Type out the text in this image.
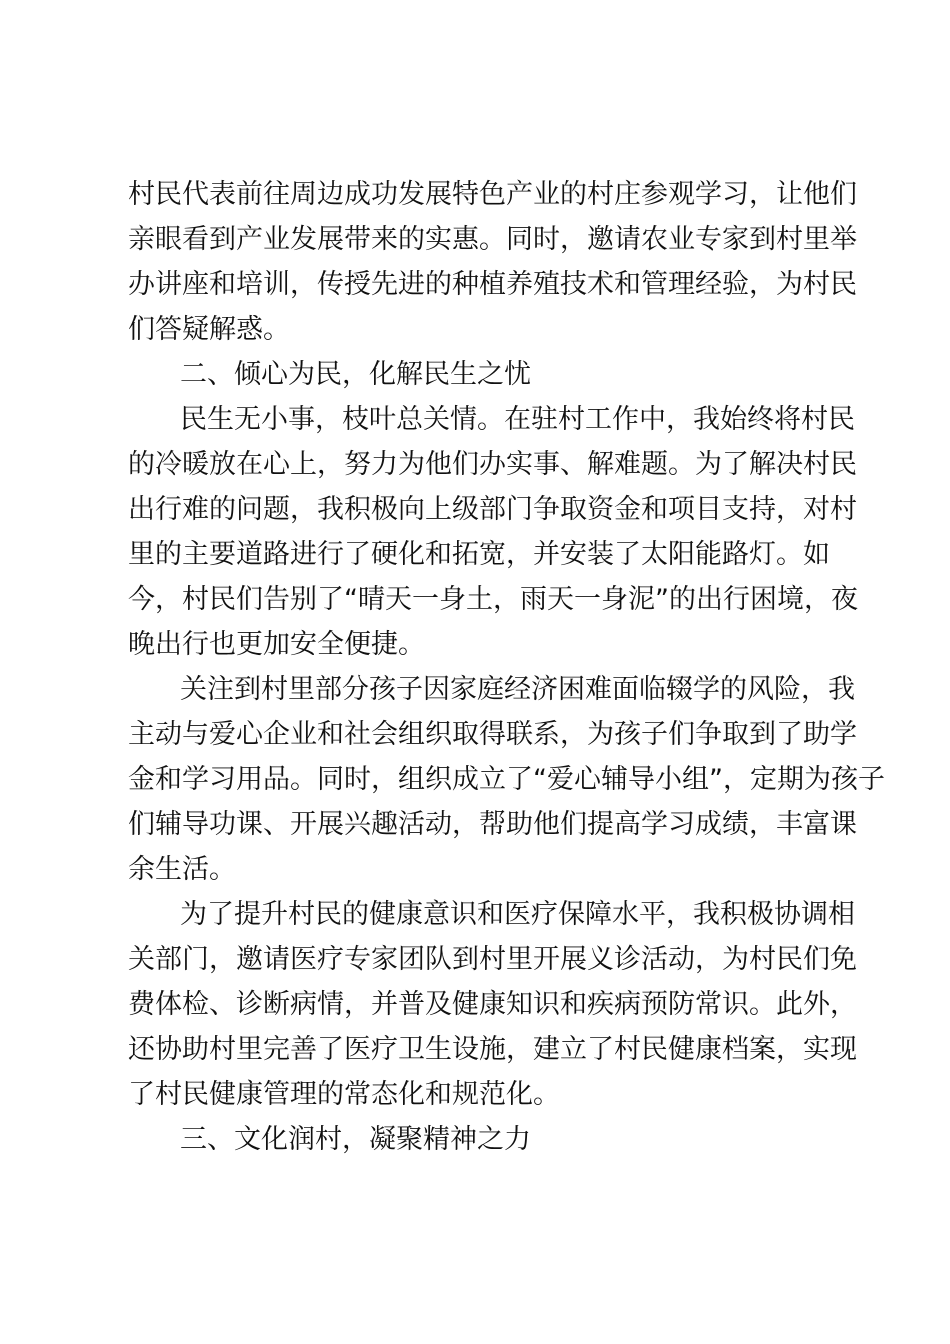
村民代表前往周边成功发展特色产业的村庄参观学习，让他们
亲眼看到产业发展带来的实惠。同时，邀请农业专家到村里举
办讲座和培训，传授先进的种植养殖技术和管理经验，为村民
们答疑解惑。
二、倾心为民，化解民生之忧
民生无小事，枝叶总关情。在驻村工作中，我始终将村民
的冷暖放在心上，努力为他们办实事、解难题。为了解决村民
出行难的问题，我积极向上级部门争取资金和项目支持，对村
里的主要道路进行了硬化和拓宽，并安装了太阳能路灯。如
今，村民们告别了“晴天一身土，雨天一身泥”的出行困境，夜
晚出行也更加安全便捷。
关注到村里部分孩子因家庭经济困难面临辍学的风险，我
主动与爱心企业和社会组织取得联系，为孩子们争取到了助学
金和学习用品。同时，组织成立了“爱心辅导小组”，定期为孩子
们辅导功课、开展兴趣活动，帮助他们提高学习成绩，丰富课
余生活。
为了提升村民的健康意识和医疗保障水平，我积极协调相
关部门，邀请医疗专家团队到村里开展义诊活动，为村民们免
费体检、诊断病情，并普及健康知识和疾病预防常识。此外，
还协助村里完善了医疗卫生设施，建立了村民健康档案，实现
了村民健康管理的常态化和规范化。
三、文化润村，凝聚精神之力
